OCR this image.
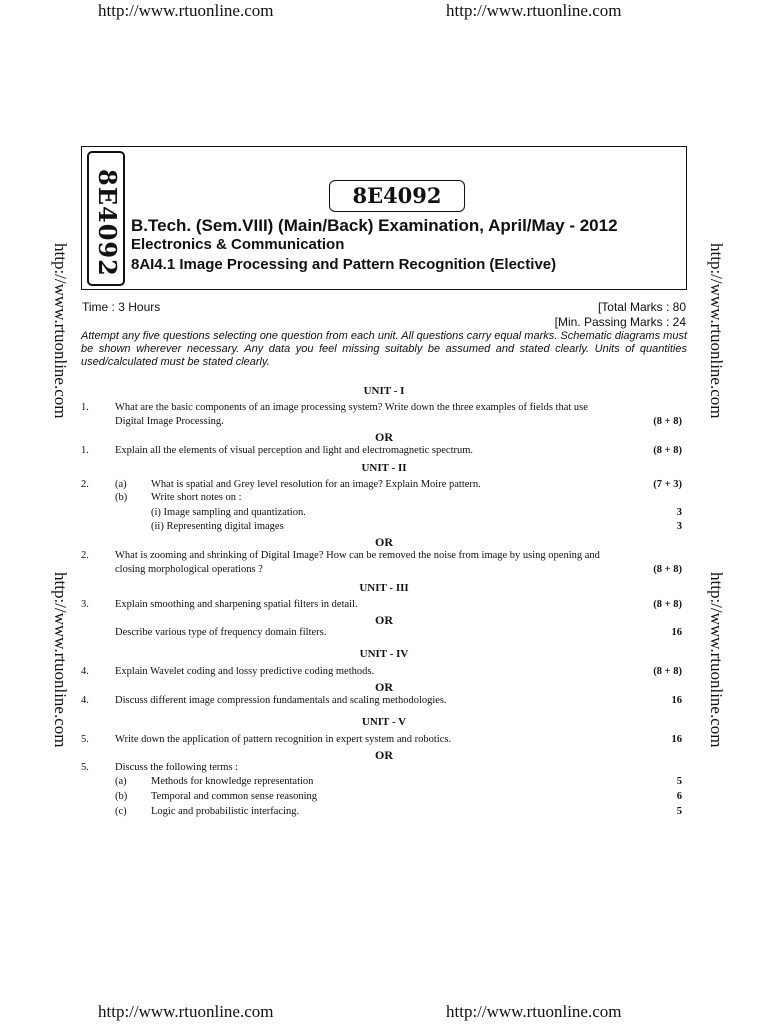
http://www.rtuonline.com	http://www.rtuonline.com
http://www.rtuonline.com	http://www.rtuonline.com
http://www.rtuonline.com
http://www.rtuonline.com
http://www.rtuonline.com
http://www.rtuonline.com
8E4092	8E4092
B.Tech. (Sem.VIII) (Main/Back) Examination, April/May - 2012
Electronics & Communication
8AI4.1 Image Processing and Pattern Recognition (Elective)
Time : 3 Hours	[Total Marks : 80
[Min. Passing Marks : 24
Attempt any five questions selecting one question from each unit. All questions carry equal marks. Schematic diagrams must be shown wherever necessary. Any data you feel missing suitably be assumed and stated clearly. Units of quantities used/calculated must be stated clearly.
UNIT - I
1. What are the basic components of an image processing system? Write down the three examples of fields that use
Digital Image Processing.	(8 + 8)
OR
1. Explain all the elements of visual perception and light and electromagnetic spectrum.	(8 + 8)
UNIT - II
2. (a) What is spatial and Grey level resolution for an image? Explain Moire pattern.	(7 + 3)
(b) Write short notes on :
(i) Image sampling and quantization.	3
(ii) Representing digital images	3
OR
2. What is zooming and shrinking of Digital Image? How can be removed the noise from image by using opening and
closing morphological operations ?	(8 + 8)
UNIT - III
3. Explain smoothing and sharpening spatial filters in detail.	(8 + 8)
OR
Describe various type of frequency domain filters.	16
UNIT - IV
4. Explain Wavelet coding and lossy predictive coding methods.	(8 + 8)
OR
4. Discuss different image compression fundamentals and scaling methodologies.	16
UNIT - V
5. Write down the application of pattern recognition in expert system and robotics.	16
OR
5. Discuss the following terms :
(a) Methods for knowledge representation	5
(b) Temporal and common sense reasoning	6
(c) Logic and probabilistic interfacing.	5
